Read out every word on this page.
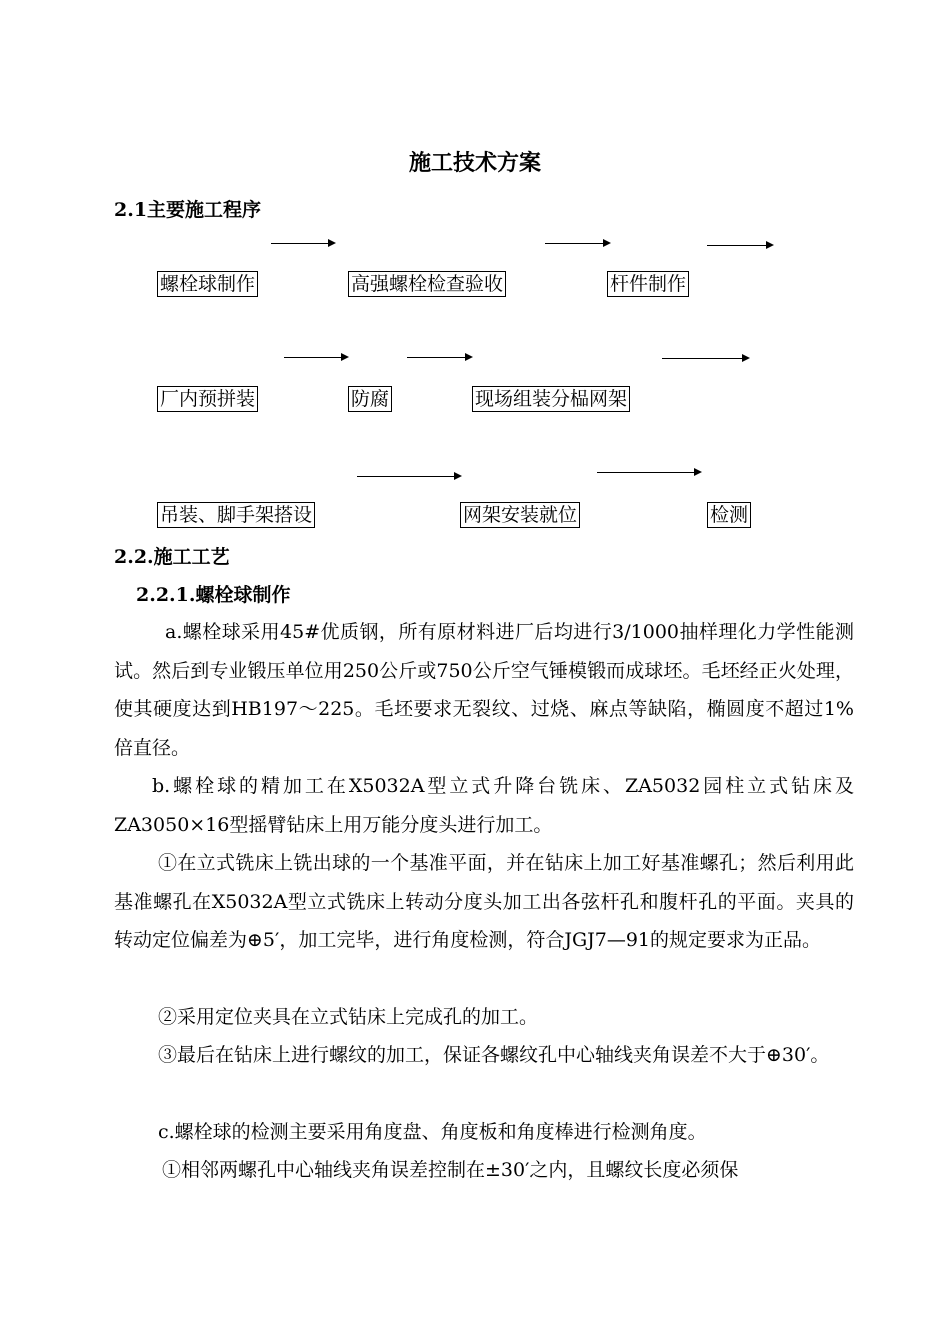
施工技术方案
2.1主要施工程序
螺栓球制作	高强螺栓检查验收	杆件制作
厂内预拼装	防腐	现场组装分榀网架
吊装、脚手架搭设	网架安装就位	检测
2.2.施工工艺
2.2.1.螺栓球制作

a.螺栓球采用45#优质钢，所有原材料进厂后均进行3/1000抽样理化力学性能测试。然后到专业锻压单位用250公斤或750公斤空气锤模锻而成球坯。毛坯经正火处理，使其硬度达到HB197～225。毛坯要求无裂纹、过烧、麻点等缺陷，椭圆度不超过1%倍直径。

b.螺栓球的精加工在X5032A型立式升降台铣床、ZA5032园柱立式钻床及ZA3050×16型摇臂钻床上用万能分度头进行加工。

①在立式铣床上铣出球的一个基准平面，并在钻床上加工好基准螺孔；然后利用此基准螺孔在X5032A型立式铣床上转动分度头加工出各弦杆孔和腹杆孔的平面。夹具的转动定位偏差为⊕5′，加工完毕，进行角度检测，符合JGJ7—91的规定要求为正品。

②采用定位夹具在立式钻床上完成孔的加工。

③最后在钻床上进行螺纹的加工，保证各螺纹孔中心轴线夹角误差不大于⊕30′。

c.螺栓球的检测主要采用角度盘、角度板和角度棒进行检测角度。

①相邻两螺孔中心轴线夹角误差控制在±30′之内，且螺纹长度必须保
